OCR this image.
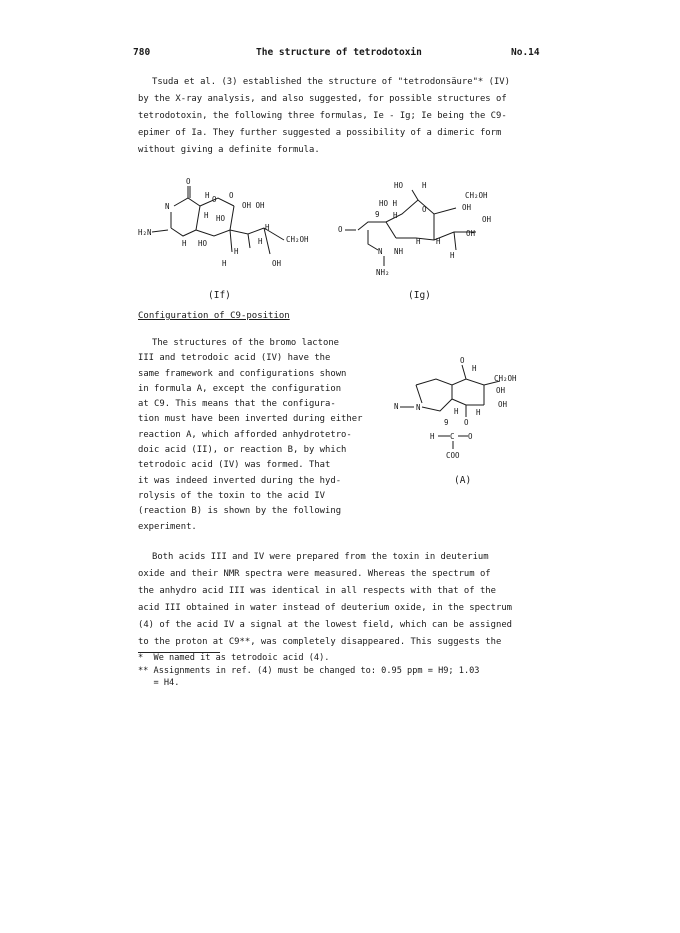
780	The structure of tetrodotoxin	No.14
Tsuda et al. (3) established the structure of "tetrodonsäure"* (IV)
by the X-ray analysis, and also suggested, for possible structures of
tetrodotoxin, the following three formulas, Ie - Ig; Ie being the C9-
epimer of Ia. They further suggested a possibility of a dimeric form
without giving a definite formula.
O
N
H₂N
H
H O O
OH OH
H HO
H
HO
H
H
H	CH₂OH
OH
HO	H
CH₂OH
OH
HO H
9 H
O
OH
O
N NH
H H
OH
H
NH₂
(If)	(Ig)
Configuration of C9-position
The structures of the bromo lactone
III and tetrodoic acid (IV) have the
same framework and configurations shown
in formula A, except the configuration
at C9. This means that the configura-
tion must have been inverted during either
reaction A, which afforded anhydrotetro-
doic acid (II), or reaction B, by which
tetrodoic acid (IV) was formed. That
it was indeed inverted during the hyd-
rolysis of the toxin to the acid IV
(reaction B) is shown by the following
experiment.
O
H
CH₂OH
OH
OH
N N	H H
9 O
H C O
COO
(A)
Both acids III and IV were prepared from the toxin in deuterium
oxide and their NMR spectra were measured. Whereas the spectrum of
the anhydro acid III was identical in all respects with that of the
acid III obtained in water instead of deuterium oxide, in the spectrum
(4) of the acid IV a signal at the lowest field, which can be assigned
to the proton at C9**, was completely disappeared. This suggests the
*  We named it as tetrodoic acid (4).
** Assignments in ref. (4) must be changed to: 0.95 ppm = H9; 1.03
= H4.
